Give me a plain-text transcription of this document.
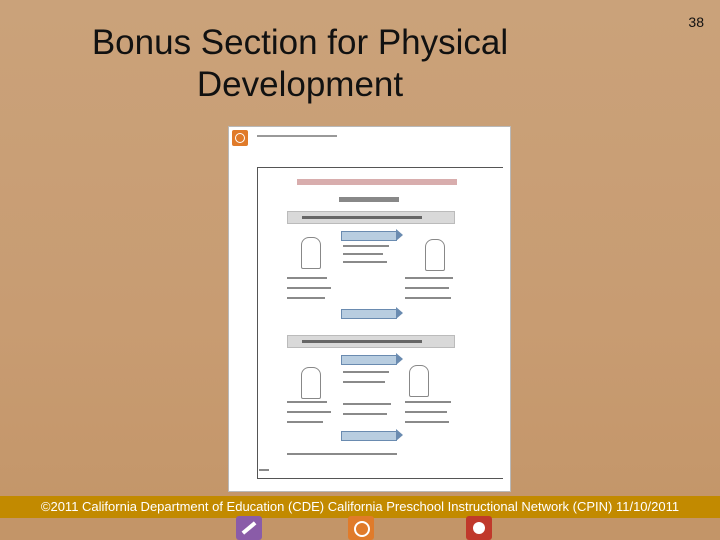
Bonus Section for Physical Development
38
©2011 California Department of Education (CDE) California Preschool Instructional Network (CPIN) 11/10/2011
